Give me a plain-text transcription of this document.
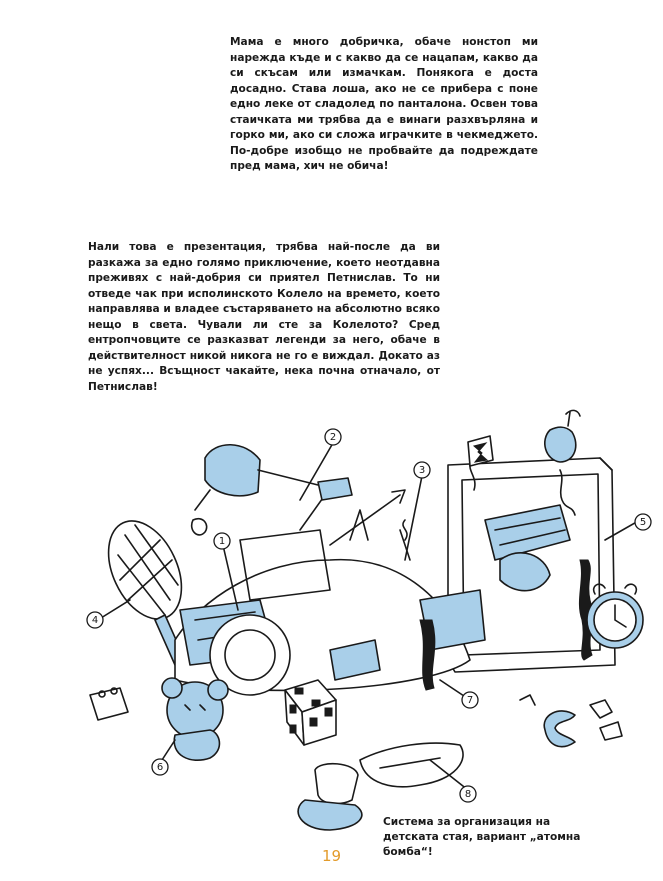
Мама е много добричка, обаче нонстоп ми нарежда къде и с какво да се нацапам, какво да си скъсам или измачкам. Понякога е доста досадно. Става лоша, ако не се прибера с поне едно леке от сладолед по панталона. Освен това стаичката ми трябва да е винаги разхвърляна и горко ми, ако си сложа играчките в чекмеджето. По-добре изобщо не пробвайте да подреждате пред мама, хич не обича!

Нали това е презентация, трябва най-после да ви разкажа за едно голямо приключение, което неотдавна преживях с най-добрия си приятел Петнислав. То ни отведе чак при исполинското Колело на времето, което направлява и владее състаряването на абсолютно всяко нещо в света. Чували ли сте за Колелото? Сред ентропчовците се разказват легенди за него, обаче в действителност никой никога не го е виждал. Докато аз не успях... Всъщност чакайте, нека почна отначало, от Петнислав!

1
2
3
4
5
6
7
8

Система за организация на детската стая, вариант „атомна бомба“!

19
